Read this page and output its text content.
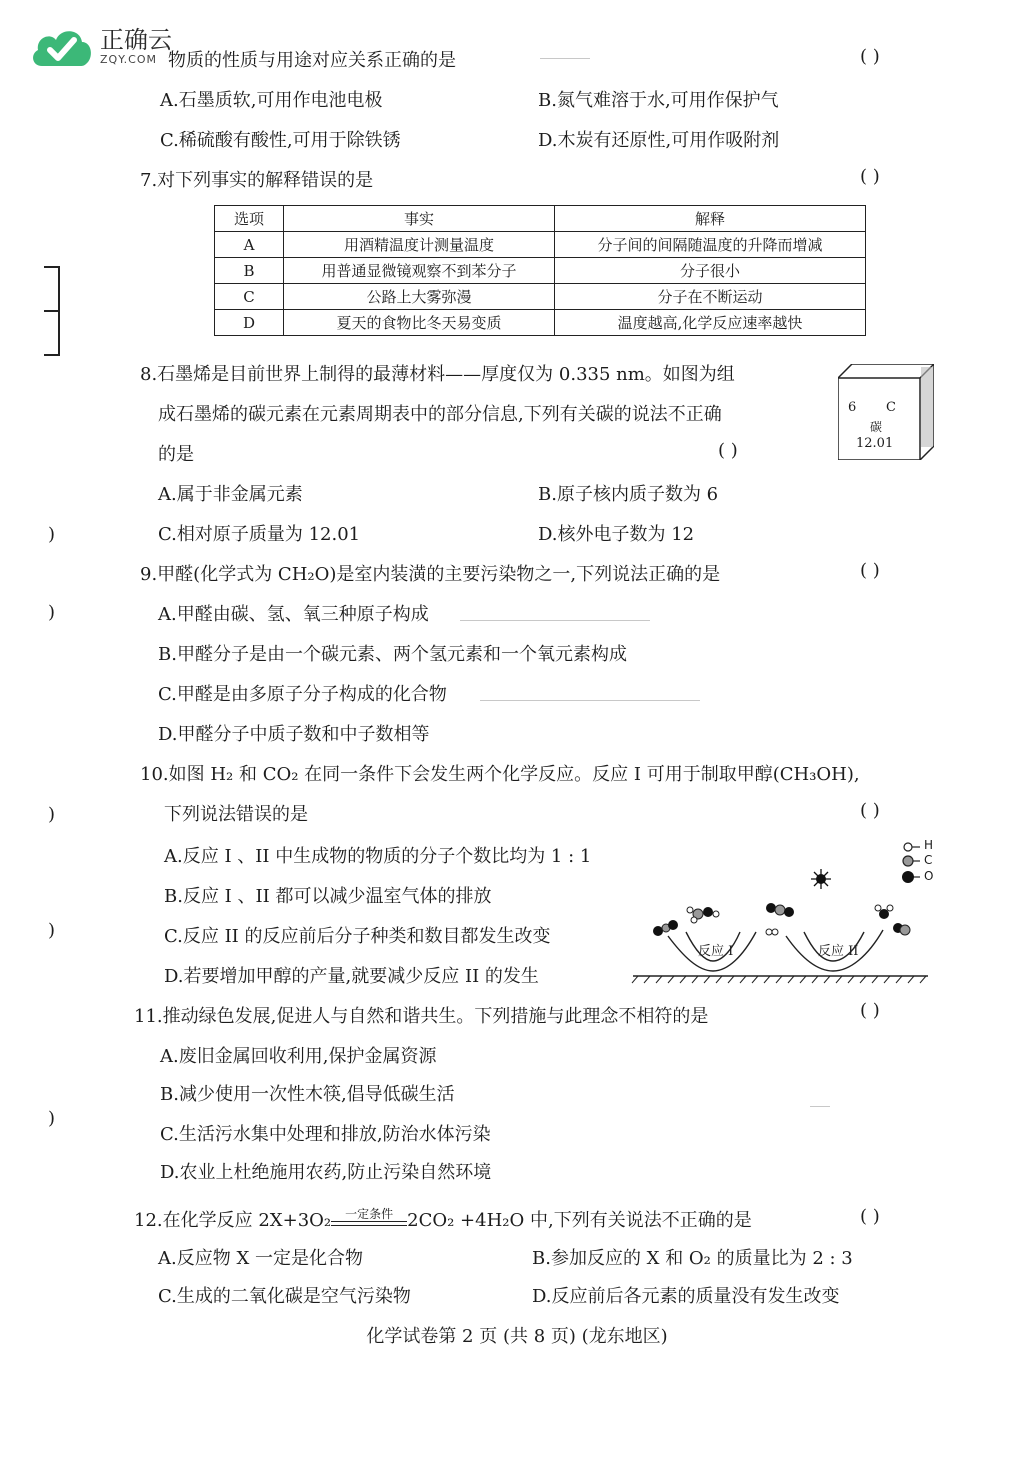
正确云
ZQY.COM 物质的性质与用途对应关系正确的是	( )
A.石墨质软,可用作电池电极	B.氮气难溶于水,可用作保护气
C.稀硫酸有酸性,可用于除铁锈	D.木炭有还原性,可用作吸附剂
7.对下列事实的解释错误的是	( )
选项	事实	解释
A	用酒精温度计测量温度	分子间的间隔随温度的升降而增减
B	用普通显微镜观察不到苯分子	分子很小
C	公路上大雾弥漫	分子在不断运动
D	夏天的食物比冬天易变质	温度越高,化学反应速率越快
8.石墨烯是目前世界上制得的最薄材料——厚度仅为 0.335 nm。如图为组
成石墨烯的碳元素在元素周期表中的部分信息,下列有关碳的说法不正确
的是	( )
6 C
碳
12.01
A.属于非金属元素	B.原子核内质子数为 6
C.相对原子质量为 12.01	D.核外电子数为 12
)
9.甲醛(化学式为 CH₂O)是室内装潢的主要污染物之一,下列说法正确的是	( )
A.甲醛由碳、氢、氧三种原子构成
)
B.甲醛分子是由一个碳元素、两个氢元素和一个氧元素构成
C.甲醛是由多原子分子构成的化合物
D.甲醛分子中质子数和中子数相等
10.如图 H₂ 和 CO₂ 在同一条件下会发生两个化学反应。反应 I 可用于制取甲醇(CH₃OH),
下列说法错误的是	( )
)
A.反应 I 、II 中生成物的物质的分子个数比均为 1 : 1
B.反应 I 、II 都可以减少温室气体的排放
C.反应 II 的反应前后分子种类和数目都发生改变
)
D.若要增加甲醇的产量,就要减少反应 II 的发生
反应 I	反应 II
H
C
O
11.推动绿色发展,促进人与自然和谐共生。下列措施与此理念不相符的是	( )
A.废旧金属回收利用,保护金属资源
B.减少使用一次性木筷,倡导低碳生活
)
C.生活污水集中处理和排放,防治水体污染
D.农业上杜绝施用农药,防止污染自然环境
12.在化学反应 2X+3O₂	一定条件 2CO₂ +4H₂O 中,下列有关说法不正确的是	( )
A.反应物 X 一定是化合物	B.参加反应的 X 和 O₂ 的质量比为 2 : 3
C.生成的二氧化碳是空气污染物	D.反应前后各元素的质量没有发生改变
化学试卷第 2 页 (共 8 页) (龙东地区)
